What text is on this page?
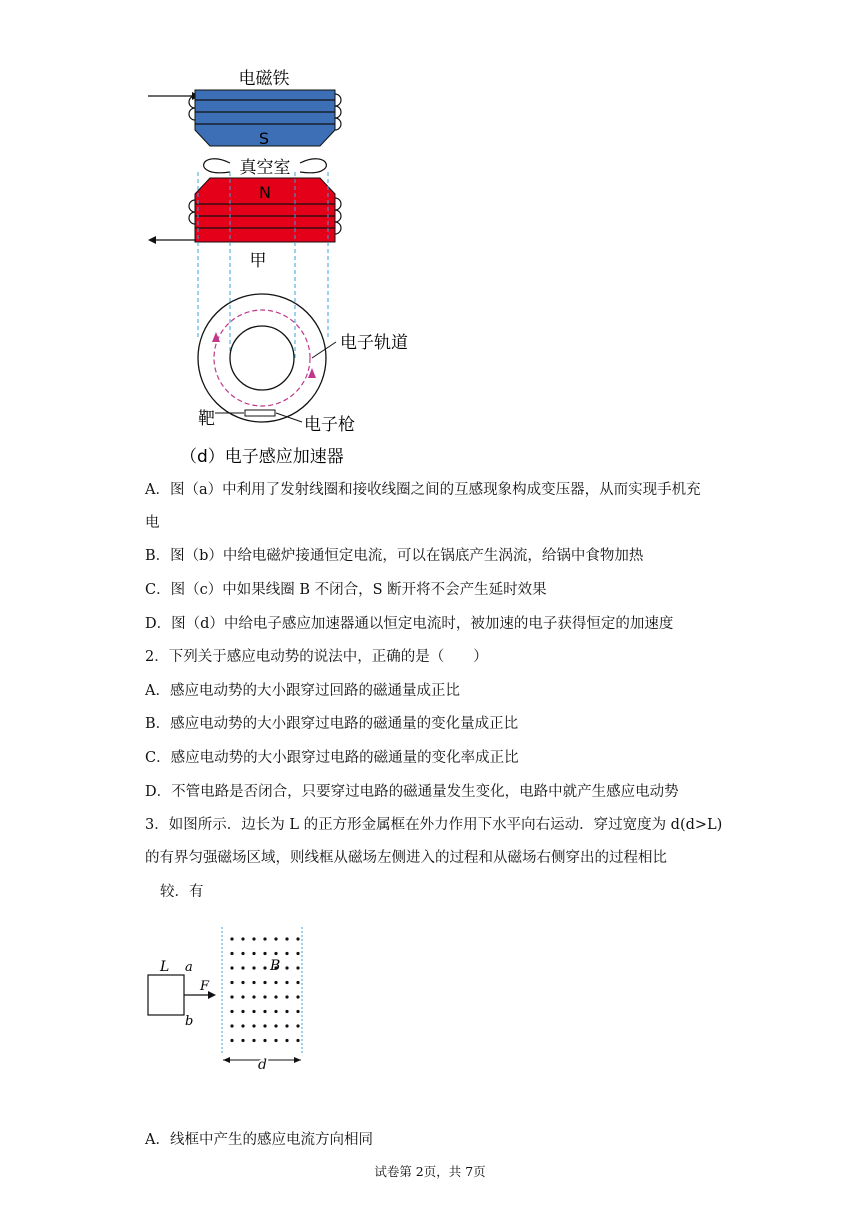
电磁铁
S
真空室
N
甲
电子轨道
靶	电子枪
（d）电子感应加速器
A．图（a）中利用了发射线圈和接收线圈之间的互感现象构成变压器，从而实现手机充
电
B．图（b）中给电磁炉接通恒定电流，可以在锅底产生涡流，给锅中食物加热
C．图（c）中如果线圈 B 不闭合，S 断开将不会产生延时效果
D．图（d）中给电子感应加速器通以恒定电流时，被加速的电子获得恒定的加速度
2．下列关于感应电动势的说法中，正确的是（　　）
A．感应电动势的大小跟穿过回路的磁通量成正比
B．感应电动势的大小跟穿过电路的磁通量的变化量成正比
C．感应电动势的大小跟穿过电路的磁通量的变化率成正比
D．不管电路是否闭合，只要穿过电路的磁通量发生变化，电路中就产生感应电动势
3．如图所示．边长为 L 的正方形金属框在外力作用下水平向右运动．穿过宽度为 d(d>L)
的有界匀强磁场区域，则线框从磁场左侧进入的过程和从磁场右侧穿出的过程相比
较．有
L a
b
F
B
d
A．线框中产生的感应电流方向相同
试卷第 2页，共 7页
